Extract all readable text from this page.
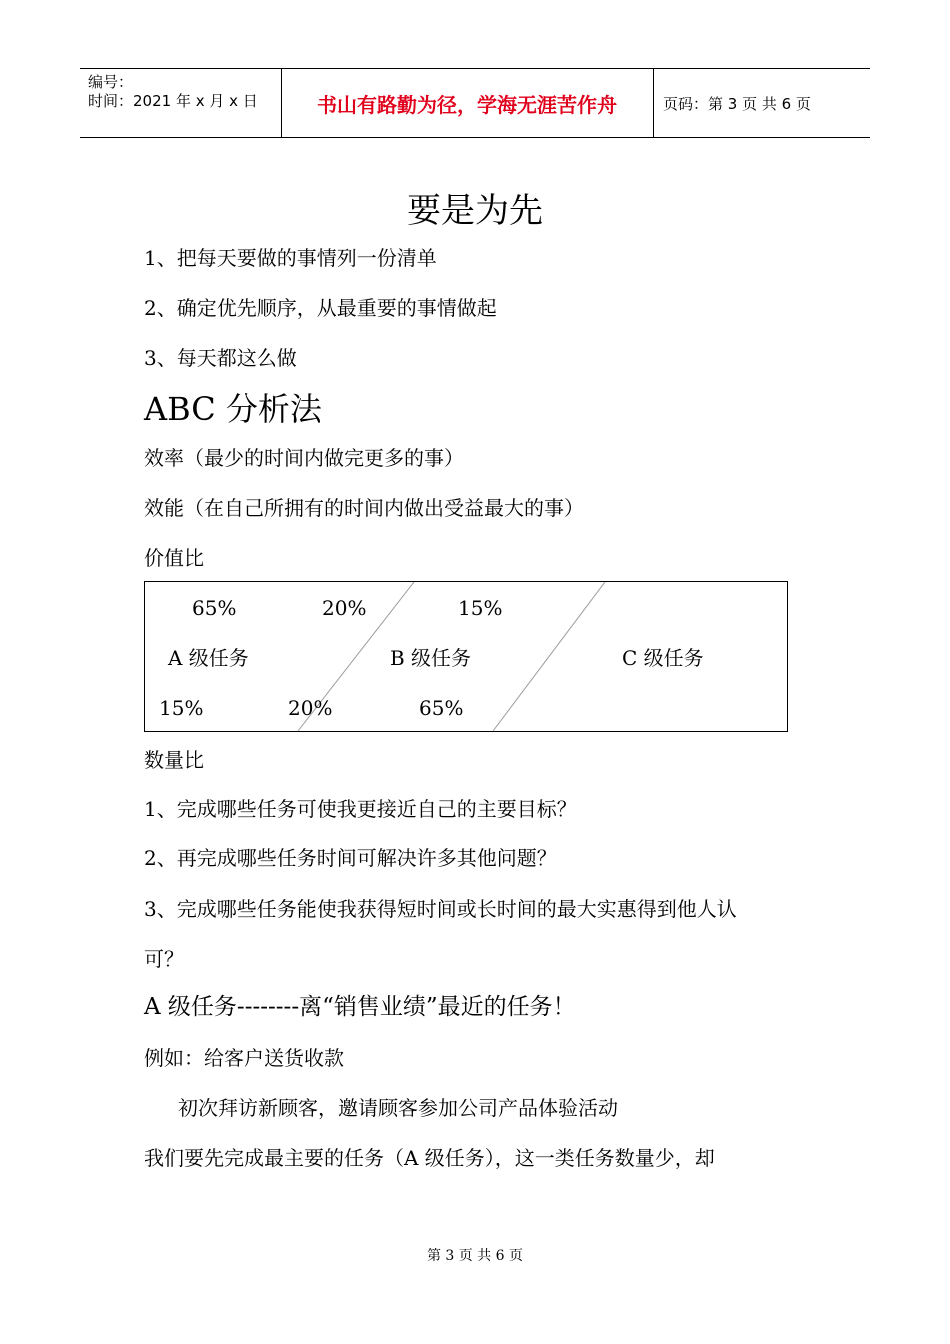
编号：
时间：2021 年 x 月 x 日	书山有路勤为径，学海无涯苦作舟	页码：第 3 页 共 6 页
要是为先
1、把每天要做的事情列一份清单
2、确定优先顺序，从最重要的事情做起
3、每天都这么做
ABC 分析法
效率（最少的时间内做完更多的事）
效能（在自己所拥有的时间内做出受益最大的事）
价值比
65%	20%	15%
A 级任务	B 级任务	C 级任务
15%	20%	65%
数量比
1、完成哪些任务可使我更接近自己的主要目标？
2、再完成哪些任务时间可解决许多其他问题？
3、完成哪些任务能使我获得短时间或长时间的最大实惠得到他人认
可？
A 级任务--------离“销售业绩”最近的任务！
例如：给客户送货收款
初次拜访新顾客，邀请顾客参加公司产品体验活动
我们要先完成最主要的任务（A 级任务），这一类任务数量少，却
第 3 页 共 6 页
